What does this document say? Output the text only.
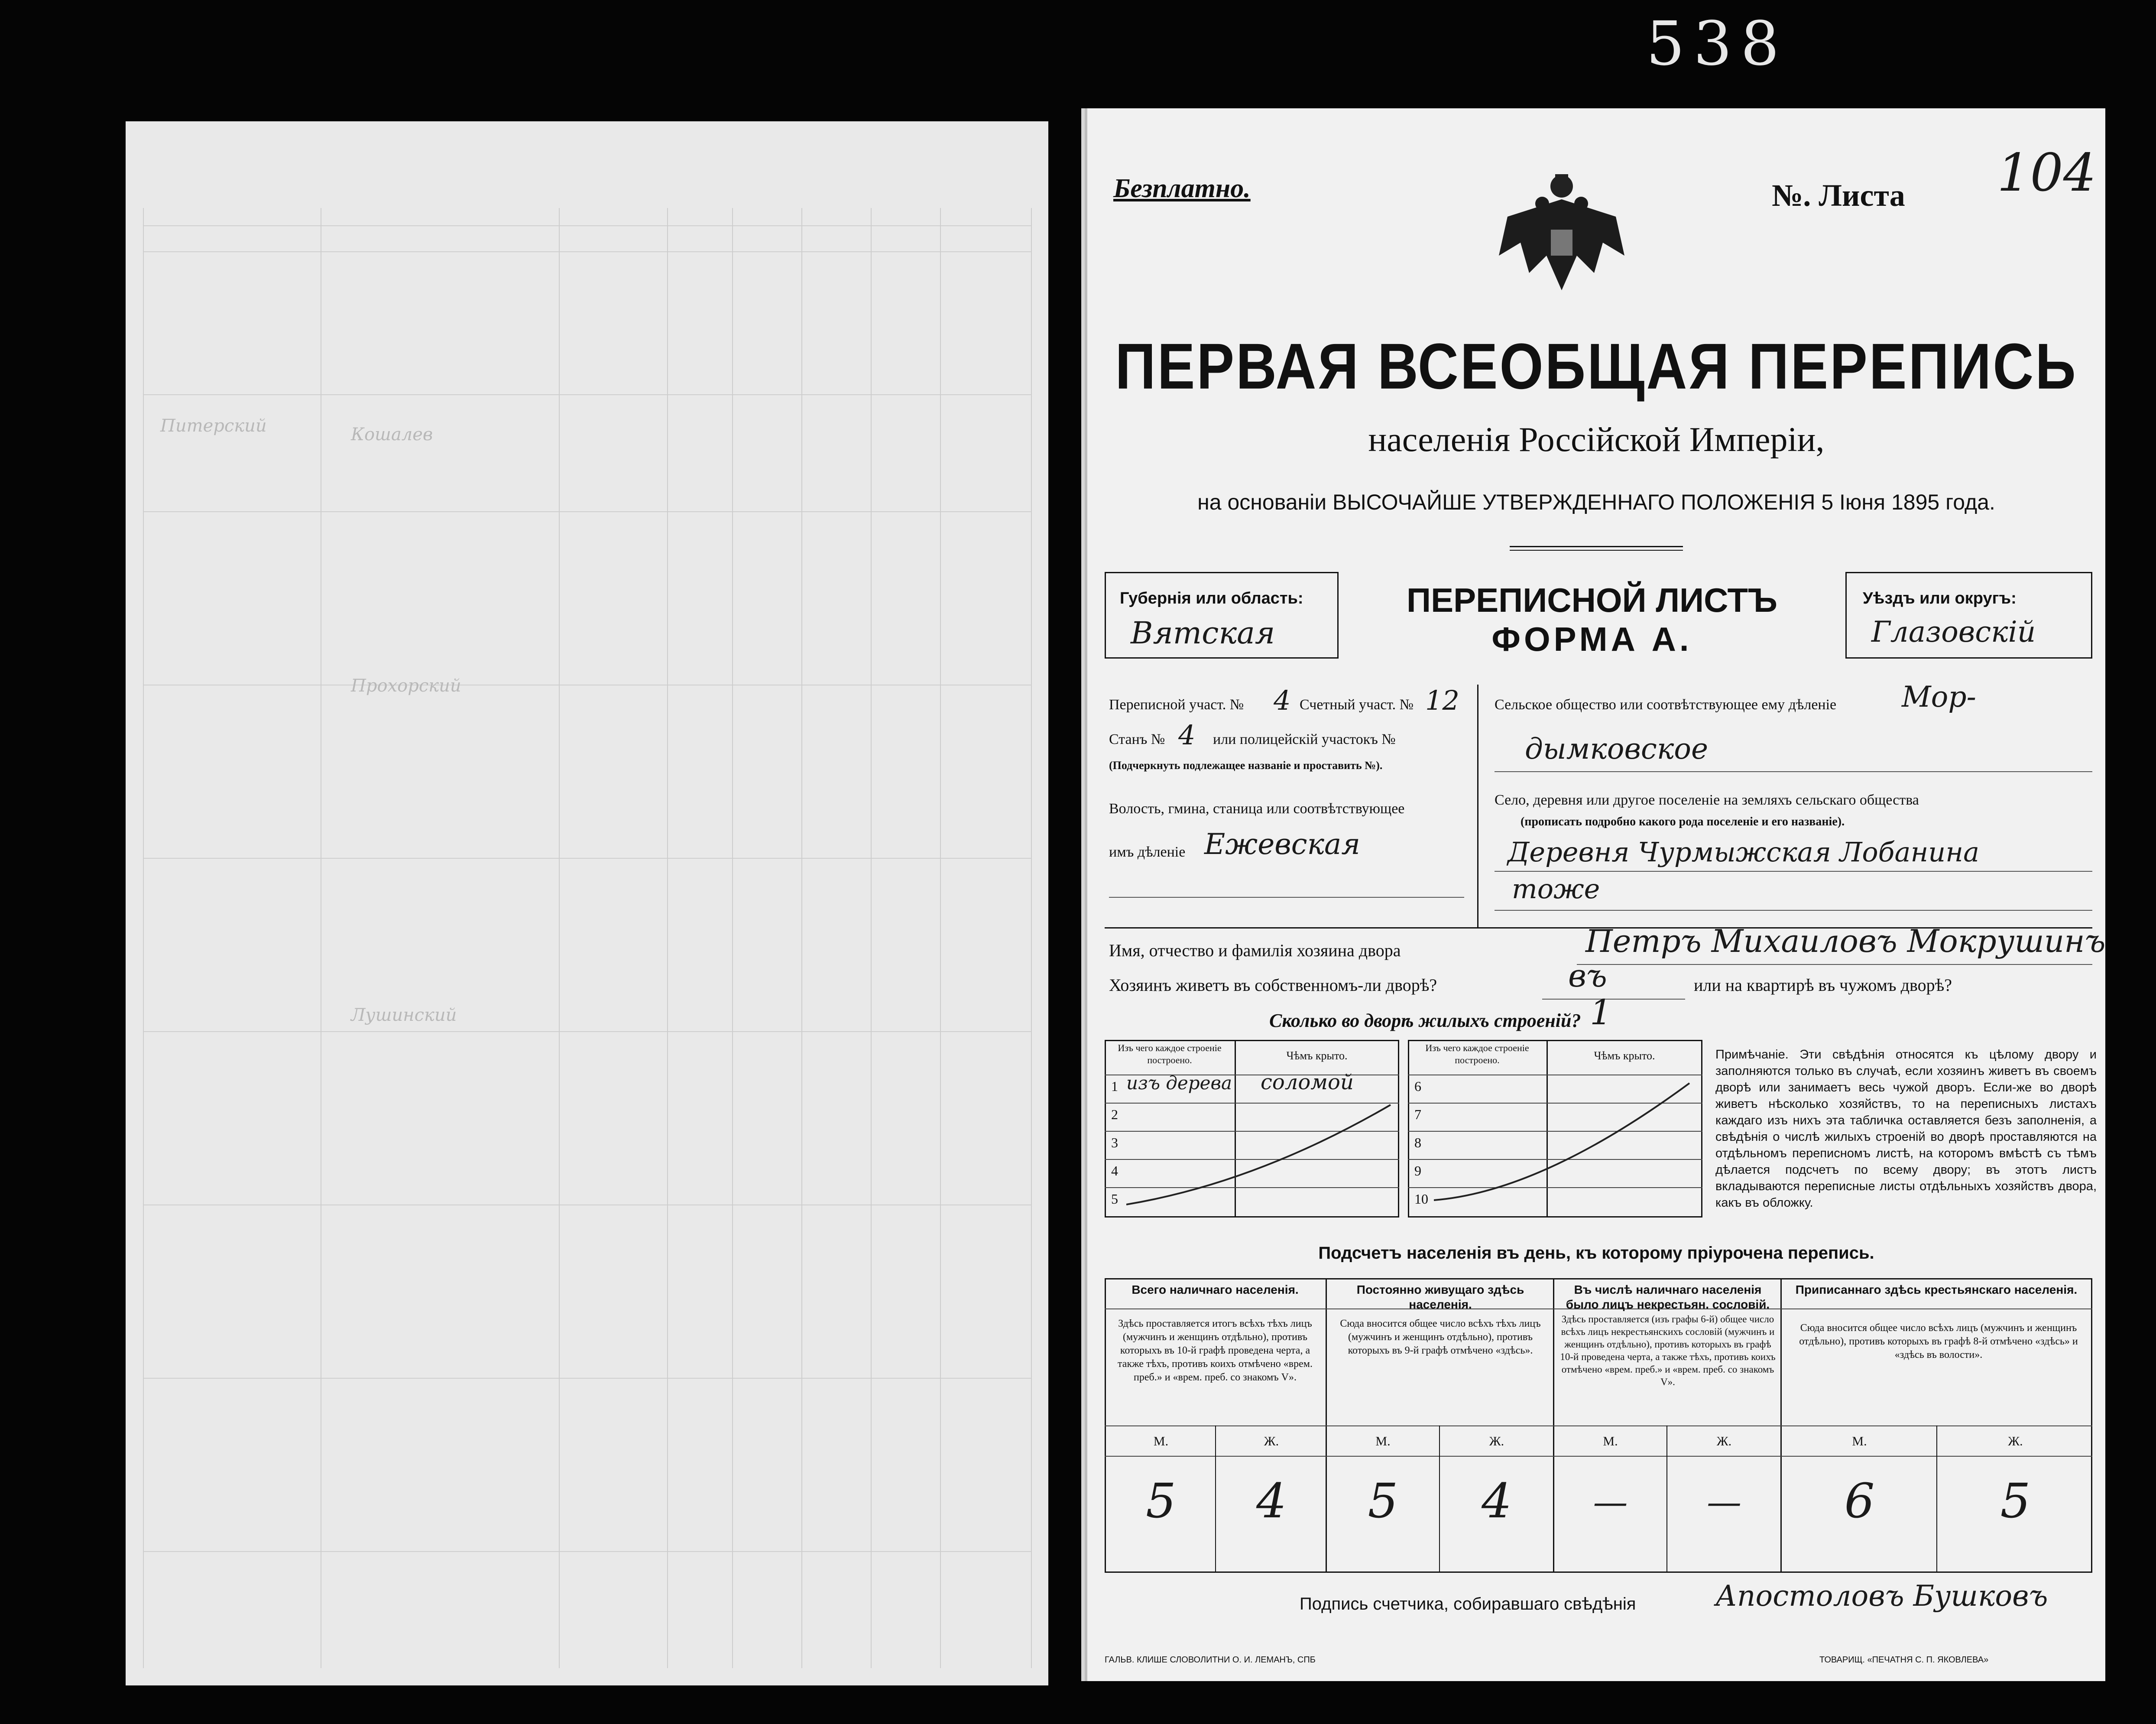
538
Питерский	Кошалев
Прохорский
Лушинский
Безплатно.	№. Листа 104
ПЕРВАЯ ВСЕОБЩАЯ ПЕРЕПИСЬ
населенія Россійской Имперіи,
на основаніи ВЫСОЧАЙШЕ УТВЕРЖДЕННАГО ПОЛОЖЕНІЯ 5 Іюня 1895 года.
Губернія или область:
Вятская
ПЕРЕПИСНОЙ ЛИСТЪ
ФОРМА А.
Уѣздъ или округъ:
Глазовскій
Переписной участ. № 4 Счетный участ. № 12
Станъ № 4 или полицейскій участокъ №
(Подчеркнуть подлежащее названіе и проставить №).
Волость, гмина, станица или соотвѣтствующее
имъ дѣленіе Ежевская
Сельское общество или соотвѣтствующее ему дѣленіе Мор-
дымковское
Село, деревня или другое поселеніе на земляхъ сельскаго общества
(прописать подробно какого рода поселеніе и его названіе).
Деревня Чурмыжская Лобанина
тоже
Имя, отчество и фамилія хозяина двора	Петръ Михаиловъ Мокрушинъ
Хозяинъ живетъ въ собственномъ-ли дворѣ?	въ	или на квартирѣ въ чужомъ дворѣ?
Сколько во дворѣ жилыхъ строеній? 1
Изъ чего каждое строеніе построено.	Чѣмъ крыто.
1 изъ дерева соломой
2
3
4
5
Изъ чего каждое строеніе построено.	Чѣмъ крыто.
6
7
8
9
10
Примѣчаніе. Эти свѣдѣнія относятся къ цѣлому двору и заполняются только въ случаѣ, если хозяинъ живетъ въ своемъ дворѣ или занимаетъ весь чужой дворъ. Если-же во дворѣ живетъ нѣсколько хозяйствъ, то на переписныхъ листахъ каждаго изъ нихъ эта табличка оставляется безъ заполненія, а свѣдѣнія о числѣ жилыхъ строеній во дворѣ проставляются на отдѣльномъ переписномъ листѣ, на которомъ вмѣстѣ съ тѣмъ дѣлается подсчетъ по всему двору; въ этотъ листъ вкладываются переписные листы отдѣльныхъ хозяйствъ двора, какъ въ обложку.
Подсчетъ населенія въ день, къ которому пріурочена перепись.
Всего наличнаго населенія.
Здѣсь проставляется итогъ всѣхъ тѣхъ лицъ (мужчинъ и женщинъ отдѣльно), противъ которыхъ въ 10-й графѣ проведена черта, а также тѣхъ, противъ коихъ отмѣчено «врем. преб.» и «врем. преб. со знакомъ V».
М.	Ж.
5	4
Постоянно живущаго здѣсь населенія.
Сюда вносится общее число всѣхъ тѣхъ лицъ (мужчинъ и женщинъ отдѣльно), противъ которыхъ въ 9-й графѣ отмѣчено «здѣсь».
М.	Ж.
5	4
Въ числѣ наличнаго населенія было лицъ некрестьян. сословій.
Здѣсь проставляется (изъ графы 6-й) общее число всѣхъ лицъ некрестьянскихъ сословій (мужчинъ и женщинъ отдѣльно), противъ которыхъ въ графѣ 10-й проведена черта, а также тѣхъ, противъ коихъ отмѣчено «врем. преб.» и «врем. преб. со знакомъ V».
М.	Ж.
—	—
Приписаннаго здѣсь крестьянскаго населенія.
Сюда вносится общее число всѣхъ лицъ (мужчинъ и женщинъ отдѣльно), противъ которыхъ въ графѣ 8-й отмѣчено «здѣсь» и «здѣсь въ волости».
М.	Ж.
6	5
Подпись счетчика, собиравшаго свѣдѣнія	Апостоловъ Бушковъ
ГАЛЬВ. КЛИШЕ СЛОВОЛИТНИ О. И. ЛЕМАНЪ, СПБ	ТОВАРИЩ. «ПЕЧАТНЯ С. П. ЯКОВЛЕВА»
